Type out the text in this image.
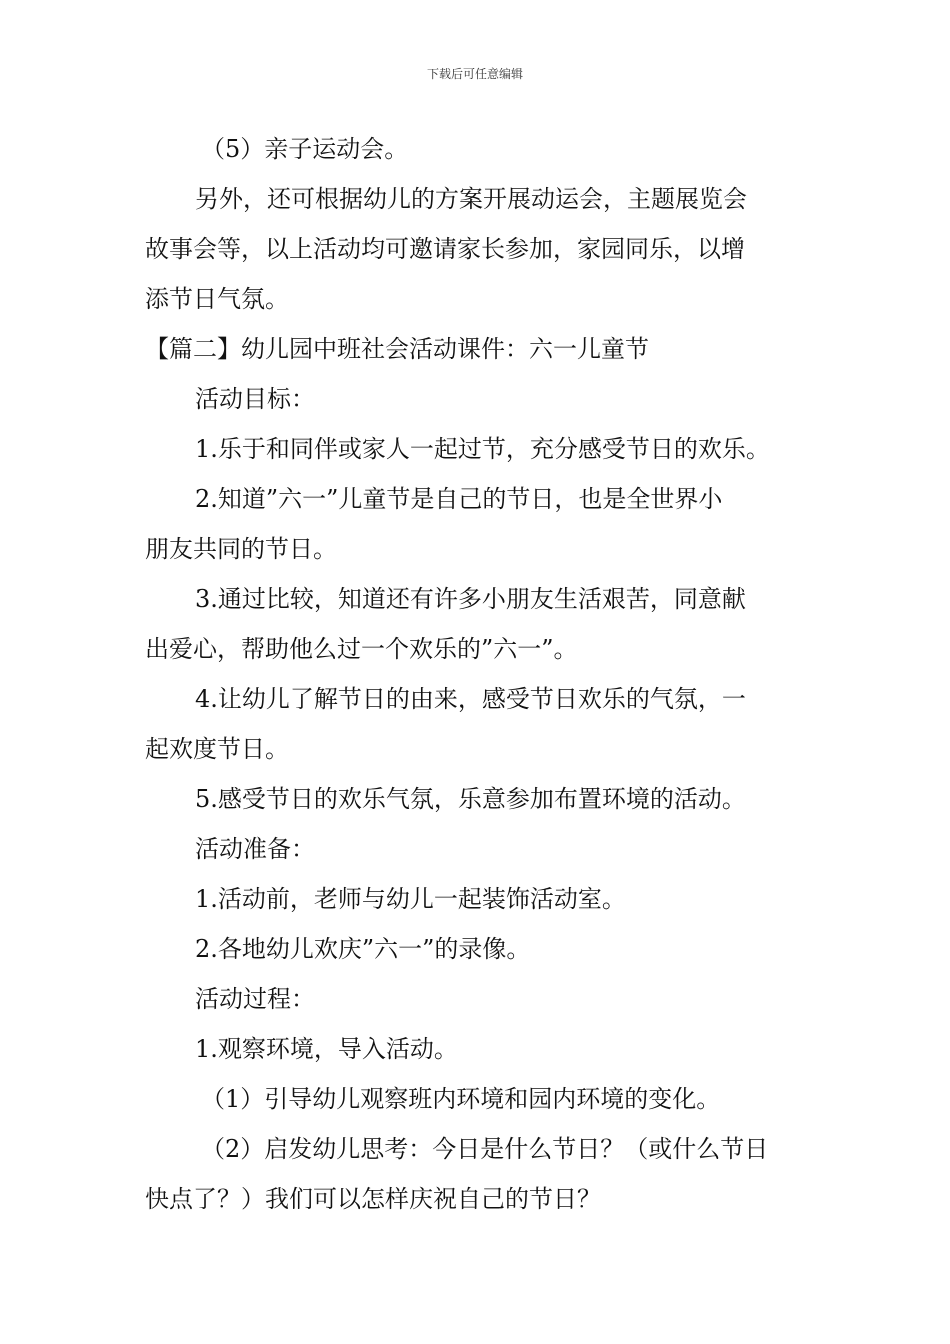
下载后可任意编辑

（5）亲子运动会。

另外，还可根据幼儿的方案开展动运会，主题展览会

故事会等，以上活动均可邀请家长参加，家园同乐，以增

添节日气氛。

【篇二】幼儿园中班社会活动课件：六一儿童节

活动目标：

1.乐于和同伴或家人一起过节，充分感受节日的欢乐。

2.知道”六一”儿童节是自己的节日，也是全世界小

朋友共同的节日。

3.通过比较，知道还有许多小朋友生活艰苦，同意献

出爱心，帮助他么过一个欢乐的”六一”。

4.让幼儿了解节日的由来，感受节日欢乐的气氛，一

起欢度节日。

5.感受节日的欢乐气氛，乐意参加布置环境的活动。

活动准备：

1.活动前，老师与幼儿一起装饰活动室。

2.各地幼儿欢庆”六一”的录像。

活动过程：

1.观察环境，导入活动。

（1）引导幼儿观察班内环境和园内环境的变化。

（2）启发幼儿思考：今日是什么节日？（或什么节日

快点了？）我们可以怎样庆祝自己的节日？
